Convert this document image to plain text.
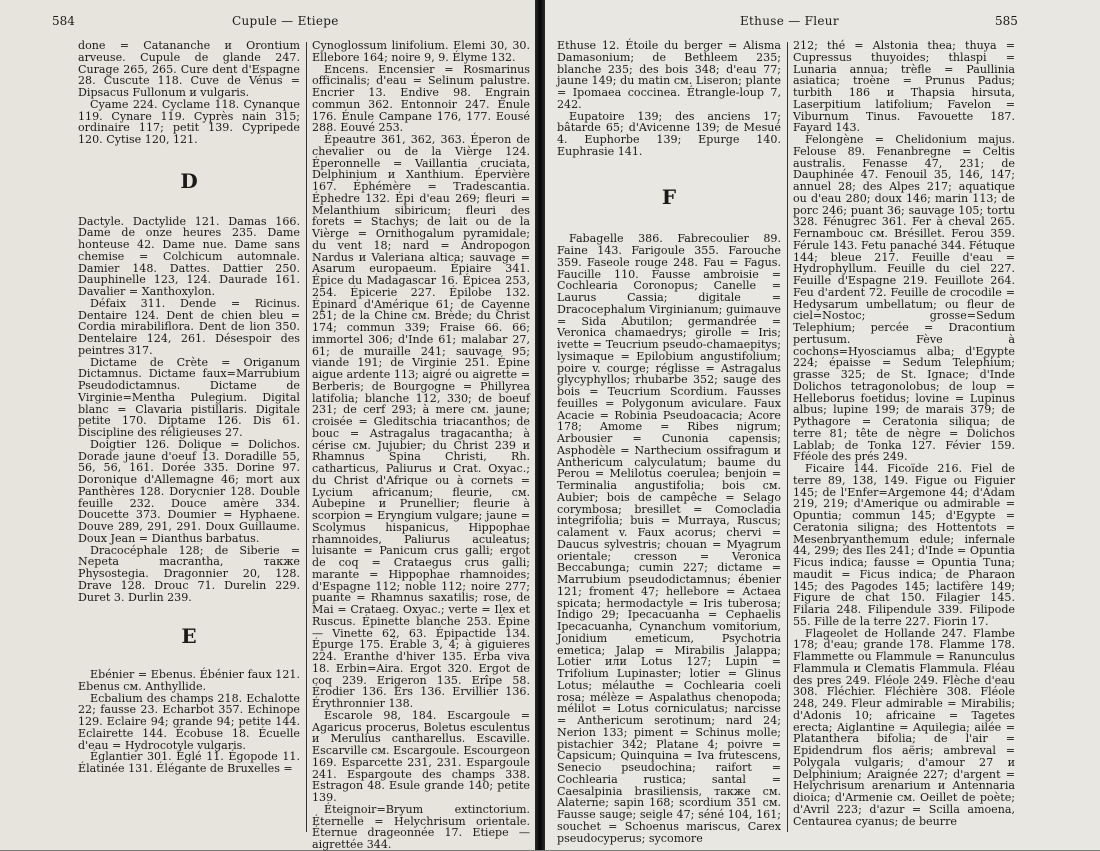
584	Cupule — Etiepe

done = Catananche и Orontium arveuse. Cupule de glande 247. Curage 265, 265. Cure dent d'Espagne 28. Cuscute 118. Cuve de Vénus = Dipsacus Fullonum и vulgaris.

Cyame 224. Cyclame 118. Cynanque 119. Cynare 119. Cyprès nain 315; ordinaire 117; petit 139. Cypripede 120. Cytise 120, 121.

D

Dactyle. Dactylide 121. Damas 166. Dame de onze heures 235. Dame honteuse 42. Dame nue. Dame sans chemise = Colchicum automnale. Damier 148. Dattes. Dattier 250. Dauphinelle 123, 124. Daurade 161. Davalier = Xanthoxylon.

Défaix 311. Dende = Ricinus. Dentaire 124. Dent de chien bleu = Cordia mirabiliflora. Dent de lion 350. Dentelaire 124, 261. Désespoir des peintres 317.

Dictame de Crète = Origanum Dictamnus. Dictame faux=Marrubium Pseudodictamnus. Dictame de Virginie=Mentha Pulegium. Digital blanc = Clavaria pistillaris. Digitale petite 170. Diptame 126. Dis 61. Discipline des réligieuses 27.

Doigtier 126. Dolique = Dolichos. Dorade jaune d'oeuf 13. Doradille 55, 56, 56, 161. Dorée 335. Dorine 97. Doronique d'Allemagne 46; mort aux Panthères 128. Dorycnier 128. Double feuille 232. Douce amère 334. Doucette 373. Doumier = Hyphaene. Douve 289, 291, 291. Doux Guillaume. Doux Jean = Dianthus barbatus.

Dracocéphale 128; de Siberie = Nepeta macrantha, также Physostegia. Dragonnier 20, 128. Drave 128. Drouc 71. Durelin 229. Duret 3. Durlin 239.

E

Ebénier = Ebenus. Ébénier faux 121. Ebenus см. Anthyllide.

Ecbalium des champs 218. Echalotte 22; fausse 23. Echarbot 357. Echinope 129. Eclaire 94; grande 94; petite 144. Eclairette 144. Écobuse 18. Écuelle d'eau = Hydrocotyle vulgaris.

Églantier 301. Églé 11. Égopode 11. Élatinée 131. Élégante de Bruxelles =

Cynoglossum linifolium. Elemi 30, 30. Ellebore 164; noire 9, 9. Élyme 132.

Encens. Encensier = Rosmarinus officinalis; d'eau = Selinum palustre. Encrier 13. Endive 98. Engrain commun 362. Entonnoir 247. Énule 176. Énule Campane 176, 177. Eousé 288. Eouvé 253.

Épeautre 361, 362, 363. Éperon de chevalier ou de la Vièrge 124. Éperonnelle = Vaillantia cruciata, Delphinium и Xanthium. Épervière 167. Éphémère = Tradescantia. Éphedre 132. Épi d'eau 269; fleuri = Melanthium sibiricum; fleuri des forets = Stachys; de lait ou de la Vièrge = Ornithogalum pyramidale; du vent 18; nard = Andropogon Nardus и Valeriana altica; sauvage = Asarum europaeum. Épiaire 341. Épice du Madagascar 16. Épicea 253, 254. Épicerie 227. Épilobe 132. Épinard d'Amérique 61; de Cayenne 251; de la Chine см. Brède; du Christ 174; commun 339; Fraise 66. 66; immortel 306; d'Inde 61; malabar 27, 61; de muraille 241; sauvage 95; viande 191; de Virginie 251. Épine aigue ardente 113; aigré ou aigrette = Berberis; de Bourgogne = Phillyrea latifolia; blanche 112, 330; de boeuf 231; de cerf 293; à mere см. jaune; croisée = Gleditschia triacanthos; de bouc = Astragalus tragacantha; à cérise см. Jujubier; du Christ 239 и Rhamnus Spina Christi, Rh. catharticus, Paliurus и Crat. Oxyac.; du Christ d'Afrique ou à cornets = Lycium africanum; fleurie, см. Aubepine и Prunellier; fleurie à scorpion = Eryngium vulgare; jaune = Scolymus hispanicus, Hippophae rhamnoides, Paliurus aculeatus; luisante = Panicum crus galli; ergot de coq = Crataegus crus galli; marante = Hippophae rhamnoides; d'Espagne 112; noble 112; noire 277; puante = Rhamnus saxatilis; rose, de Mai = Crataeg. Oxyac.; verte = Ilex et Ruscus. Épinette blanche 253. Épine — Vinette 62, 63. Épipactide 134. Épurge 175. Érable 3, 4; à giguieres 224. Eranthe d'hiver 135. Erba viva 18. Erbin=Aira. Ergot 320. Ergot de coq 239. Erigeron 135. Erîpe 58. Érodier 136. Ers 136. Ervillier 136. Érythronnier 138.

Escarole 98, 184. Escargoule = Agaricus procerus, Boletus esculentus и Merulius cantharellus. Escaville. Escarville см. Escargoule. Escourgeon 169. Esparcette 231, 231. Espargoule 241. Espargoute des champs 338. Estragon 48. Esule grande 140; petite 139.

Éteignoir=Bryum extinctorium. Éternelle = Helychrisum orientale. Éternue drageonnée 17. Etiepe — aigrettée 344.

Ethuse — Fleur	585

Ethuse 12. Étoile du berger = Alisma Damasonium; de Bethleem 235; blanche 235; des bois 348; d'eau 77; jaune 149; du matin см. Liseron; plante = Ipomaea coccinea. Étrangle-loup 7, 242.

Eupatoire 139; des anciens 17; bâtarde 65; d'Avicenne 139; de Mesué 4. Euphorbe 139; Epurge 140. Euphrasie 141.

F

Fabagelle 386. Fabrecoulier 89. Faine 143. Farigoule 355. Farouche 359. Faseole rouge 248. Fau = Fagus. Faucille 110. Fausse ambroisie = Cochlearia Coronopus; Canelle = Laurus Cassia; digitale = Dracocephalum Virginianum; guimauve = Sida Abutilon; germandrée = Veronica chamaedrys; girolle = Iris; ivette = Teucrium pseudo-chamaepitys; lysimaque = Epilobium angustifolium; poire v. courge; réglisse = Astragalus glycyphyllos; rhubarbe 352; sauge des bois = Teucrium Scordium. Fausses feuilles = Polygonum aviculare. Faux Acacie = Robinia Pseudoacacia; Acore 178; Amome = Ribes nigrum; Arbousier = Cunonia capensis; Asphodèle = Narthecium ossifragum и Anthericum calyculatum; baume du Perou = Melilotus coerulea; benjoin = Terminalia angustifolia; bois см. Aubier; bois de campêche = Selago corymbosa; bresillet = Comocladia integrifolia; buis = Murraya, Ruscus; calament v. Faux acorus; chervi = Daucus sylvestris; chouan = Myagrum orientale; cresson = Veronica Beccabunga; cumin 227; dictame = Marrubium pseudodictamnus; ébenier 121; froment 47; hellebore = Actaea spicata; hermodactyle = Iris tuberosa; Indigo 29; Ipecacuanha = Cephaelis Ipecacuanha, Cynanchum vomitorium, Jonidium emeticum, Psychotria emetica; Jalap = Mirabilis Jalappa; Lotier или Lotus 127; Lupin = Trifolium Lupinaster; lotier = Glinus Lotus; mélauthe = Cochlearia coeli rosa; mélèze = Aspalathus chenopoda; mélilot = Lotus corniculatus; narcisse = Anthericum serotinum; nard 24; Nerion 133; piment = Schinus molle; pistachier 342; Platane 4; poivre = Capsicum; Quinquina = Iva frutescens, Senecio pseudochina; raifort = Cochlearia rustica; santal = Caesalpinia brasiliensis, также см. Alaterne; sapin 168; scordium 351 см. Fausse sauge; seigle 47; séné 104, 161; souchet = Schoenus mariscus, Carex pseudocyperus; sycomore

212; thé = Alstonia thea; thuya = Cupressus thuyoides; thlaspi = Lunaria annua; trèfle = Paullinia asiatica; troène = Prunus Padus; turbith 186 и Thapsia hirsuta, Laserpitium latifolium; Favelon = Viburnum Tinus. Favouette 187. Fayard 143.

Felongène = Chelidonium majus. Felouse 89. Fenanbregne = Celtis australis. Fenasse 47, 231; de Dauphinée 47. Fenouil 35, 146, 147; annuel 28; des Alpes 217; aquatique ou d'eau 280; doux 146; marin 113; de porc 246; puant 36; sauvage 105; tortu 328. Fénugrec 361. Fer à cheval 265. Fernambouc см. Brésillet. Ferou 359. Férule 143. Fetu panaché 344. Fétuque 144; bleue 217. Feuille d'eau = Hydrophyllum. Feuille du ciel 227. Feuille d'Espagne 219. Feuillote 264. Feu d'ardent 72. Feuille de crocodile = Hedysarum umbellatum; ou fleur de ciel=Nostoc; grosse=Sedum Telephium; percée = Dracontium pertusum. Fève à cochons=Hyosciamus alba; d'Egypte 224; épaisse = Sedum Telephium; grasse 325; de St. Ignace; d'Inde Dolichos tetragonolobus; de loup = Helleborus foetidus; lovine = Lupinus albus; lupine 199; de marais 379; de Pythagore = Ceratonia siliqua; de terre 81; tête de nègre = Dolichos Lablab; de Tonka 127. Févier 159. Fféole des prés 249.

Ficaire 144. Ficoïde 216. Fiel de terre 89, 138, 149. Figue ou Figuier 145; de l'Enfer=Argemone 44; d'Adam 219, 219; d'Amerique ou admirable = Opuntia; commun 145; d'Egypte = Ceratonia siligna; des Hottentots = Mesenbryanthemum edule; infernale 44, 299; des Iles 241; d'Inde = Opuntia Ficus indica; fausse = Opuntia Tuna; maudit = Ficus indica; de Pharaon 145; des Pagodes 145; lactifère 149; Figure de chat 150. Filagier 145. Filaria 248. Filipendule 339. Filipode 55. Fille de la terre 227. Fiorin 17.

Flageolet de Hollande 247. Flambe 178; d'eau; grande 178. Flamme 178. Flammette ou Flammule = Ranunculus Flammula и Clematis Flammula. Fléau des pres 249. Fléole 249. Flèche d'eau 308. Fléchier. Fléchière 308. Fléole 248, 249. Fleur admirable = Mirabilis; d'Adonis 10; africaine = Tagetes erecta; Aiglantine = Aquilegia; ailée = Platanthera bifolia; de l'air = Epidendrum flos aëris; ambreval = Polygala vulgaris; d'amour 27 и Delphinium; Araignée 227; d'argent = Helychrisum arenarium и Antennaria dioica; d'Armenie см. Oeillet de poète; d'Avril 223; d'azur = Scilla amoena, Centaurea cyanus; de beurre
